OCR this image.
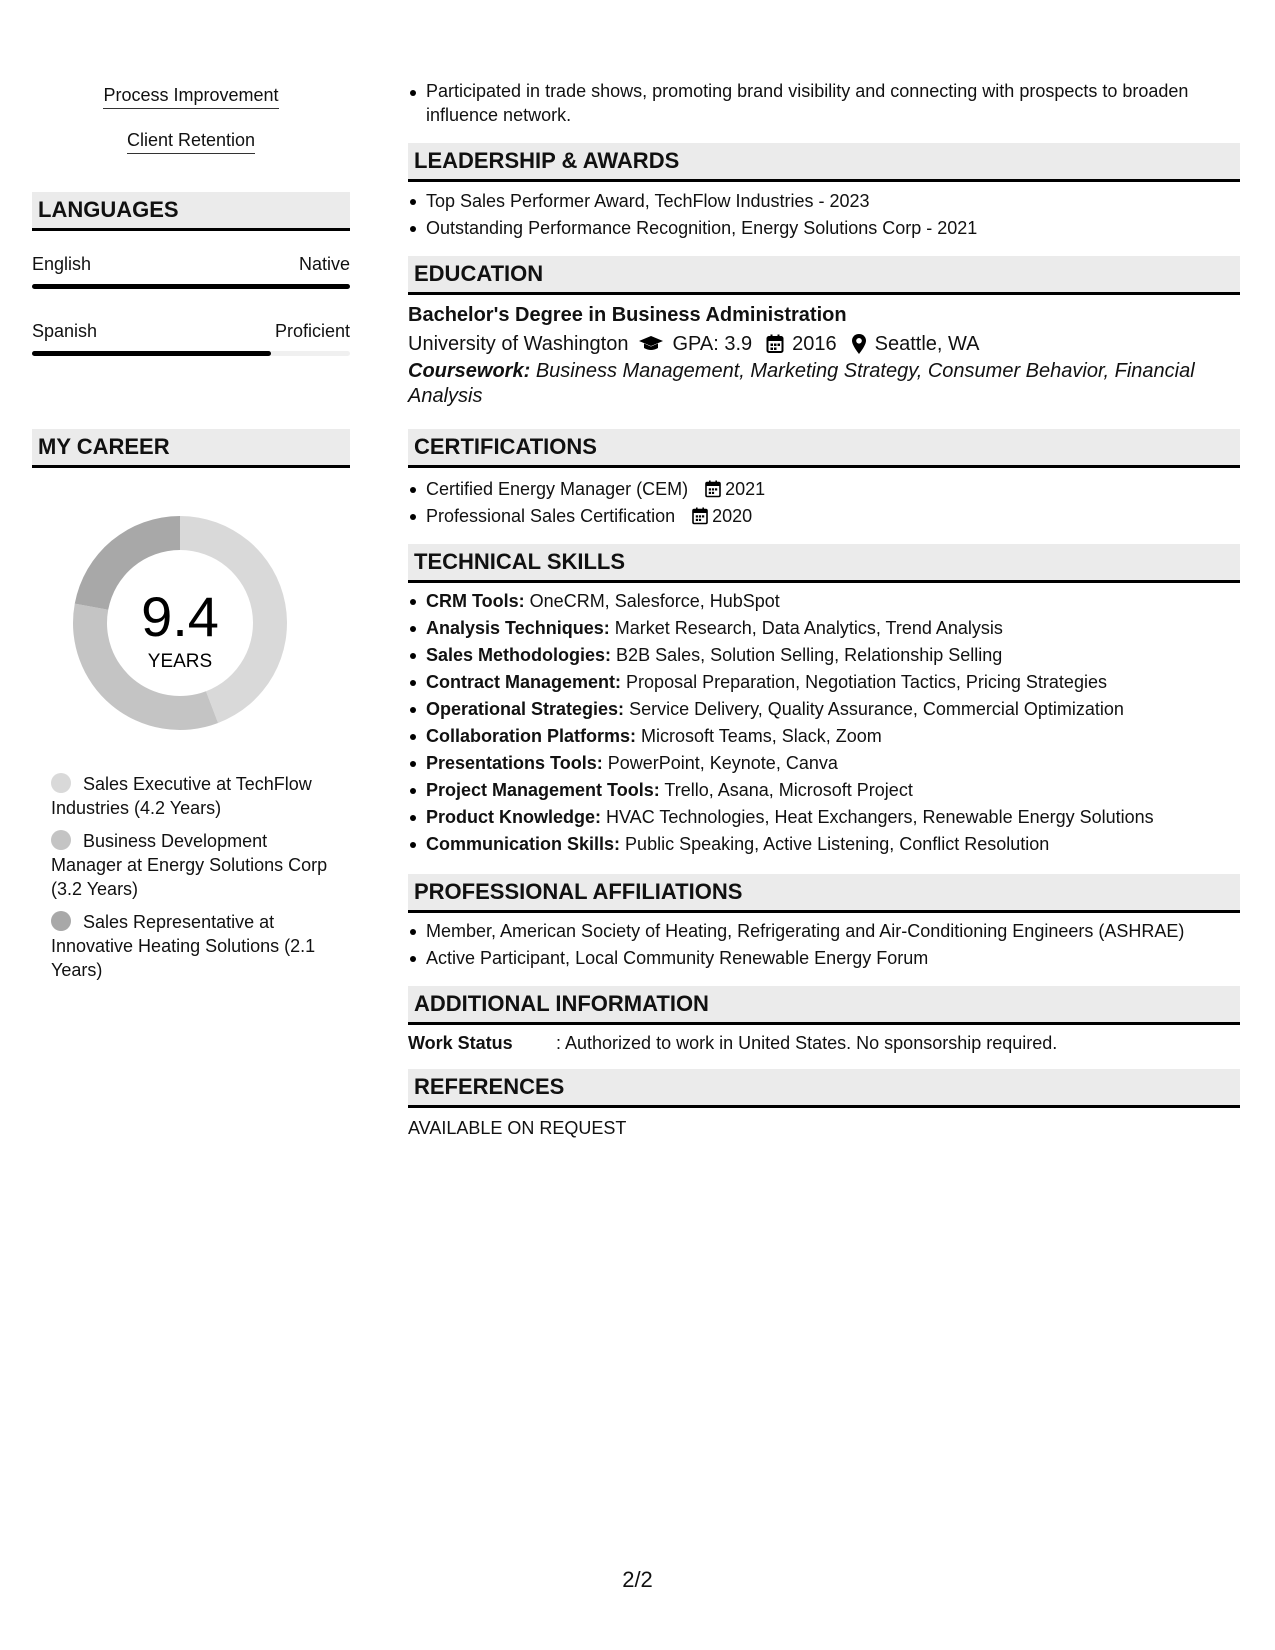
Process Improvement
Client Retention
LANGUAGES
English	Native
Spanish	Proficient
MY CAREER
9.4
YEARS
Sales Executive at TechFlow Industries (4.2 Years)
Business Development Manager at Energy Solutions Corp (3.2 Years)
Sales Representative at Innovative Heating Solutions (2.1 Years)
Participated in trade shows, promoting brand visibility and connecting with prospects to broaden influence network.
LEADERSHIP & AWARDS
Top Sales Performer Award, TechFlow Industries - 2023
Outstanding Performance Recognition, Energy Solutions Corp - 2021
EDUCATION
Bachelor's Degree in Business Administration
University of Washington GPA: 3.9 2016 Seattle, WA
Coursework: Business Management, Marketing Strategy, Consumer Behavior, Financial Analysis
CERTIFICATIONS
Certified Energy Manager (CEM) 2021
Professional Sales Certification 2020
TECHNICAL SKILLS
CRM Tools: OneCRM, Salesforce, HubSpot
Analysis Techniques: Market Research, Data Analytics, Trend Analysis
Sales Methodologies: B2B Sales, Solution Selling, Relationship Selling
Contract Management: Proposal Preparation, Negotiation Tactics, Pricing Strategies
Operational Strategies: Service Delivery, Quality Assurance, Commercial Optimization
Collaboration Platforms: Microsoft Teams, Slack, Zoom
Presentations Tools: PowerPoint, Keynote, Canva
Project Management Tools: Trello, Asana, Microsoft Project
Product Knowledge: HVAC Technologies, Heat Exchangers, Renewable Energy Solutions
Communication Skills: Public Speaking, Active Listening, Conflict Resolution
PROFESSIONAL AFFILIATIONS
Member, American Society of Heating, Refrigerating and Air-Conditioning Engineers (ASHRAE)
Active Participant, Local Community Renewable Energy Forum
ADDITIONAL INFORMATION
Work Status	: Authorized to work in United States. No sponsorship required.
REFERENCES
AVAILABLE ON REQUEST
2/2
